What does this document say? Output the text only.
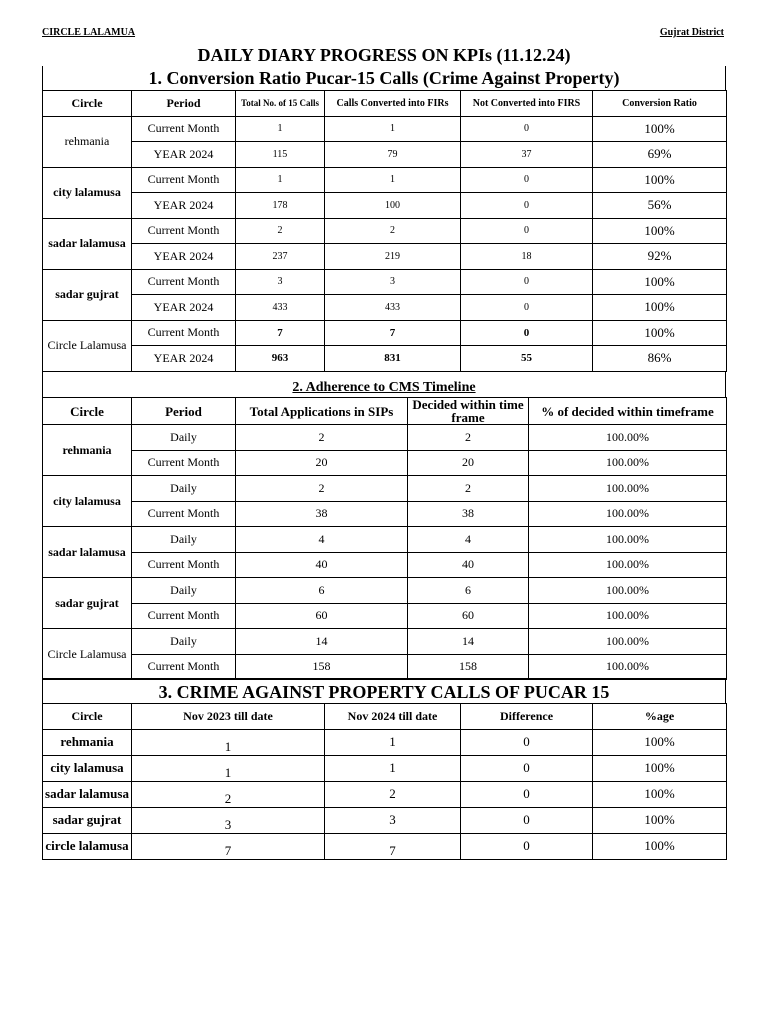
CIRCLE LALAMUA	Gujrat District
DAILY DIARY PROGRESS ON KPIs (11.12.24)
1. Conversion Ratio Pucar-15 Calls (Crime Against Property)
Circle	Period	Total No. of 15 Calls	Calls Converted into FIRs	Not Converted into FIRS	Conversion Ratio
rehmania	Current Month	1	1	0	100%
	YEAR 2024	115	79	37	69%
city lalamusa	Current Month	1	1	0	100%
	YEAR 2024	178	100	0	56%
sadar lalamusa	Current Month	2	2	0	100%
	YEAR 2024	237	219	18	92%
sadar gujrat	Current Month	3	3	0	100%
	YEAR 2024	433	433	0	100%
Circle Lalamusa	Current Month	7	7	0	100%
	YEAR 2024	963	831	55	86%
2. Adherence to CMS Timeline
Circle	Period	Total Applications in SIPs	Decided within time frame	% of decided within timeframe
rehmania	Daily	2	2	100.00%
	Current Month	20	20	100.00%
city lalamusa	Daily	2	2	100.00%
	Current Month	38	38	100.00%
sadar lalamusa	Daily	4	4	100.00%
	Current Month	40	40	100.00%
sadar gujrat	Daily	6	6	100.00%
	Current Month	60	60	100.00%
Circle Lalamusa	Daily	14	14	100.00%
	Current Month	158	158	100.00%
3. CRIME AGAINST PROPERTY CALLS OF PUCAR 15
Circle	Nov 2023 till date	Nov 2024 till date	Difference	%age
rehmania	1	1	0	100%
city lalamusa	1	1	0	100%
sadar lalamusa	2	2	0	100%
sadar gujrat	3	3	0	100%
circle lalamusa	7	7	0	100%
